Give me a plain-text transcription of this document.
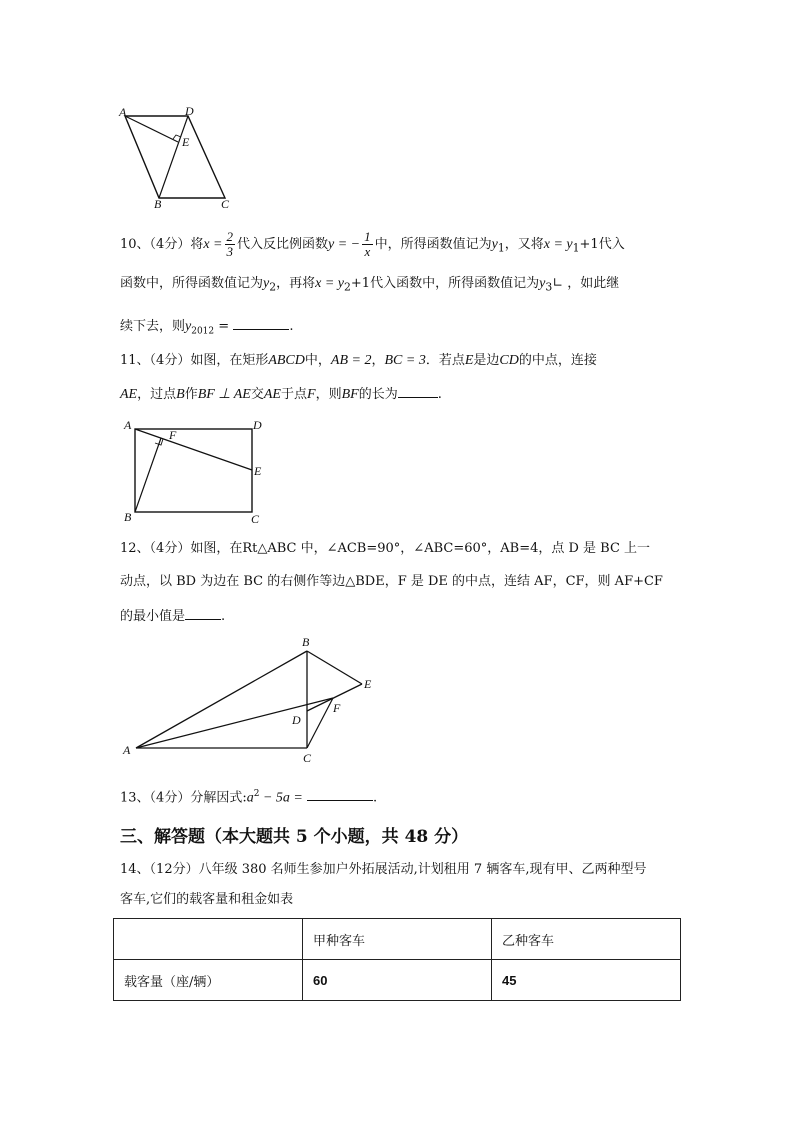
A	D
E
B	C
10、（4分）将$x = \frac{2}{3}$ 代入反比例函数y = − $\frac{1}{x}$ 中，所得函数值记为$y_1$，又将$x = y_1+1$代入
函数中，所得函数值记为$y_2$，再将$x = y_2+1$代入函数中，所得函数值记为$y_3∟$ ，如此继
续下去，则$y_{2012}$ =	.
11、（4分）如图，在矩形ABCD中，AB = 2，BC = 3．若点E是边CD的中点，连接
AE，过点B作BF ⊥ AE交AE于点F，则BF的长为	.
A
F
D
E
B	C
12、（4分）如图，在Rt△ABC 中，∠ACB=90°，∠ABC=60°，AB=4，点 D 是 BC 上一
动点，以 BD 为边在 BC 的右侧作等边△BDE，F 是 DE 的中点，连结 AF，CF，则 AF+CF
的最小值是	.
B
E
D
F
A
C
13、（4分）分解因式$:a^2 - 5a$ =	.
三、解答题（本大题共 5 个小题，共 48 分）
14、（12分）八年级 380 名师生参加户外拓展活动,计划租用 7 辆客车,现有甲、乙两种型号
客车,它们的载客量和租金如表
	甲种客车	乙种客车
载客量（座/辆）	60	45
